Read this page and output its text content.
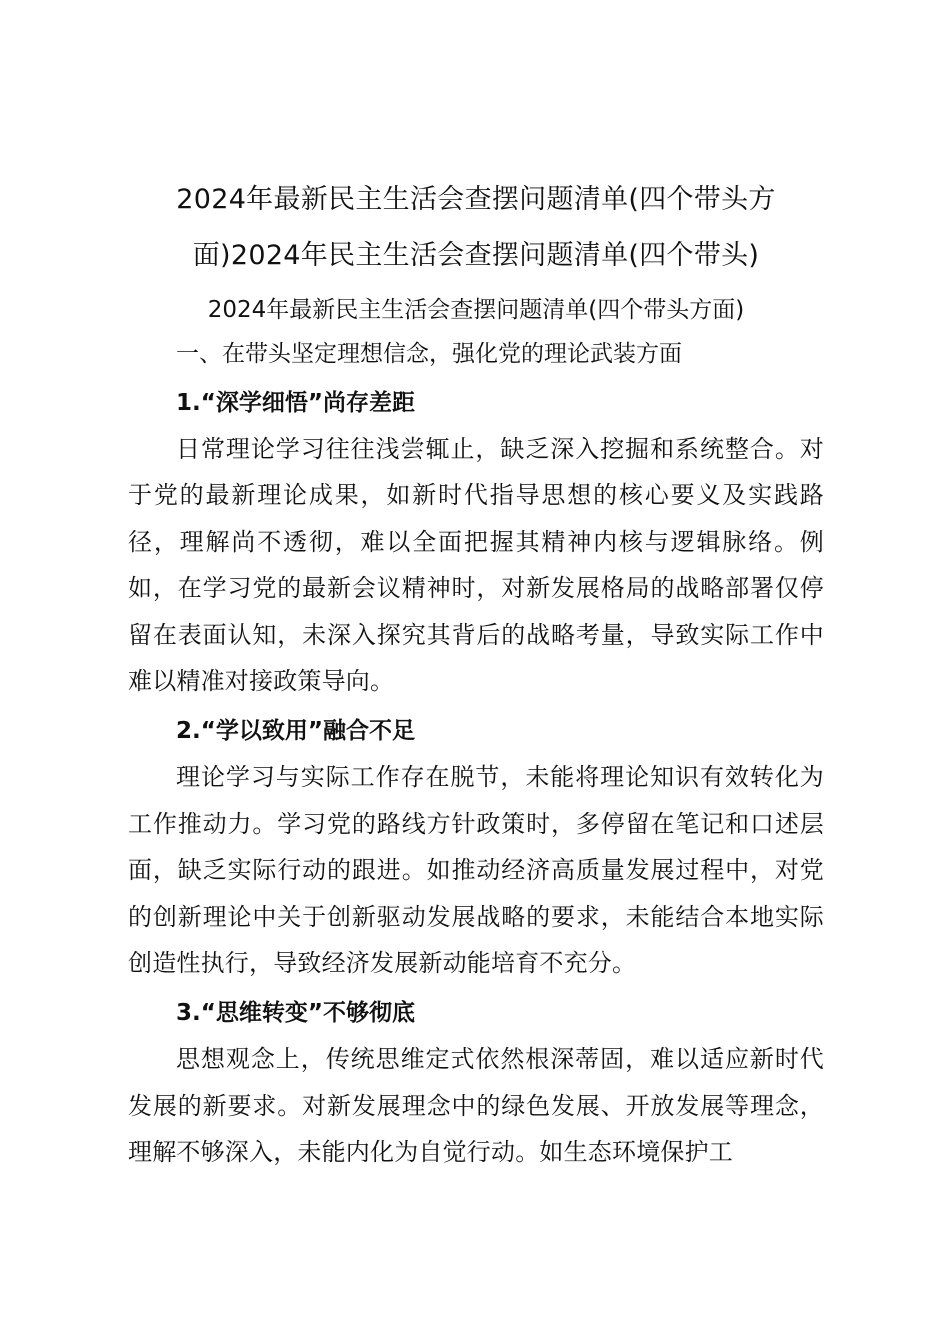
2024年最新民主生活会查摆问题清单(四个带头方面)2024年民主生活会查摆问题清单(四个带头)

2024年最新民主生活会查摆问题清单(四个带头方面)

一、在带头坚定理想信念，强化党的理论武装方面

1.“深学细悟”尚存差距

日常理论学习往往浅尝辄止，缺乏深入挖掘和系统整合。对于党的最新理论成果，如新时代指导思想的核心要义及实践路径，理解尚不透彻，难以全面把握其精神内核与逻辑脉络。例如，在学习党的最新会议精神时，对新发展格局的战略部署仅停留在表面认知，未深入探究其背后的战略考量，导致实际工作中难以精准对接政策导向。

2.“学以致用”融合不足

理论学习与实际工作存在脱节，未能将理论知识有效转化为工作推动力。学习党的路线方针政策时，多停留在笔记和口述层面，缺乏实际行动的跟进。如推动经济高质量发展过程中，对党的创新理论中关于创新驱动发展战略的要求，未能结合本地实际创造性执行，导致经济发展新动能培育不充分。

3.“思维转变”不够彻底

思想观念上，传统思维定式依然根深蒂固，难以适应新时代发展的新要求。对新发展理念中的绿色发展、开放发展等理念，理解不够深入，未能内化为自觉行动。如生态环境保护工
